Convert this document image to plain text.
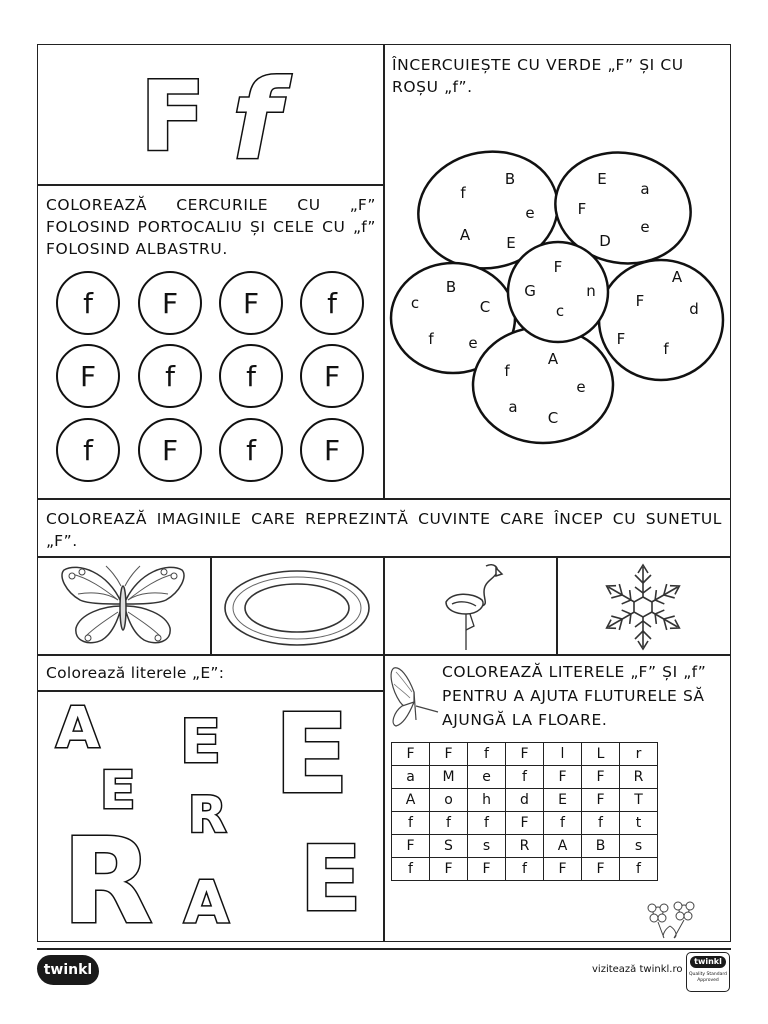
F f	ÎNCERCUIEȘTE CU VERDE „F” ȘI CU ROȘU „f”.
f
B
e
A E
E
a
F
e
D
c
B
C
f e
F
G
c
n
A
F	d
F
f
f
A
e
a
C
COLOREAZĂ CERCURILE CU „F” FOLOSIND PORTOCALIU ȘI CELE CU „f” FOLOSIND ALBASTRU.
f	F	F	f
F	f	f	F
f	F	f	F
COLOREAZĂ IMAGINILE CARE REPREZINTĂ CUVINTE CARE ÎNCEP CU SUNETUL „F”.
Colorează literele „E”:
A
E
E E
R
R A E
COLOREAZĂ LITERELE „F” ȘI „f” PENTRU A AJUTA FLUTURELE SĂ AJUNGĂ LA FLOARE.
F	F	f	F	l	L	r
a	M	e	f	F	F	R
A	o	h	d	E	F	T
f	f	f	F	f	f	t
F	S	s	R	A	B	s
f	F	F	f	F	F	f
twinkl	vizitează twinkl.ro
twinkl
Quality Standard
Approved
